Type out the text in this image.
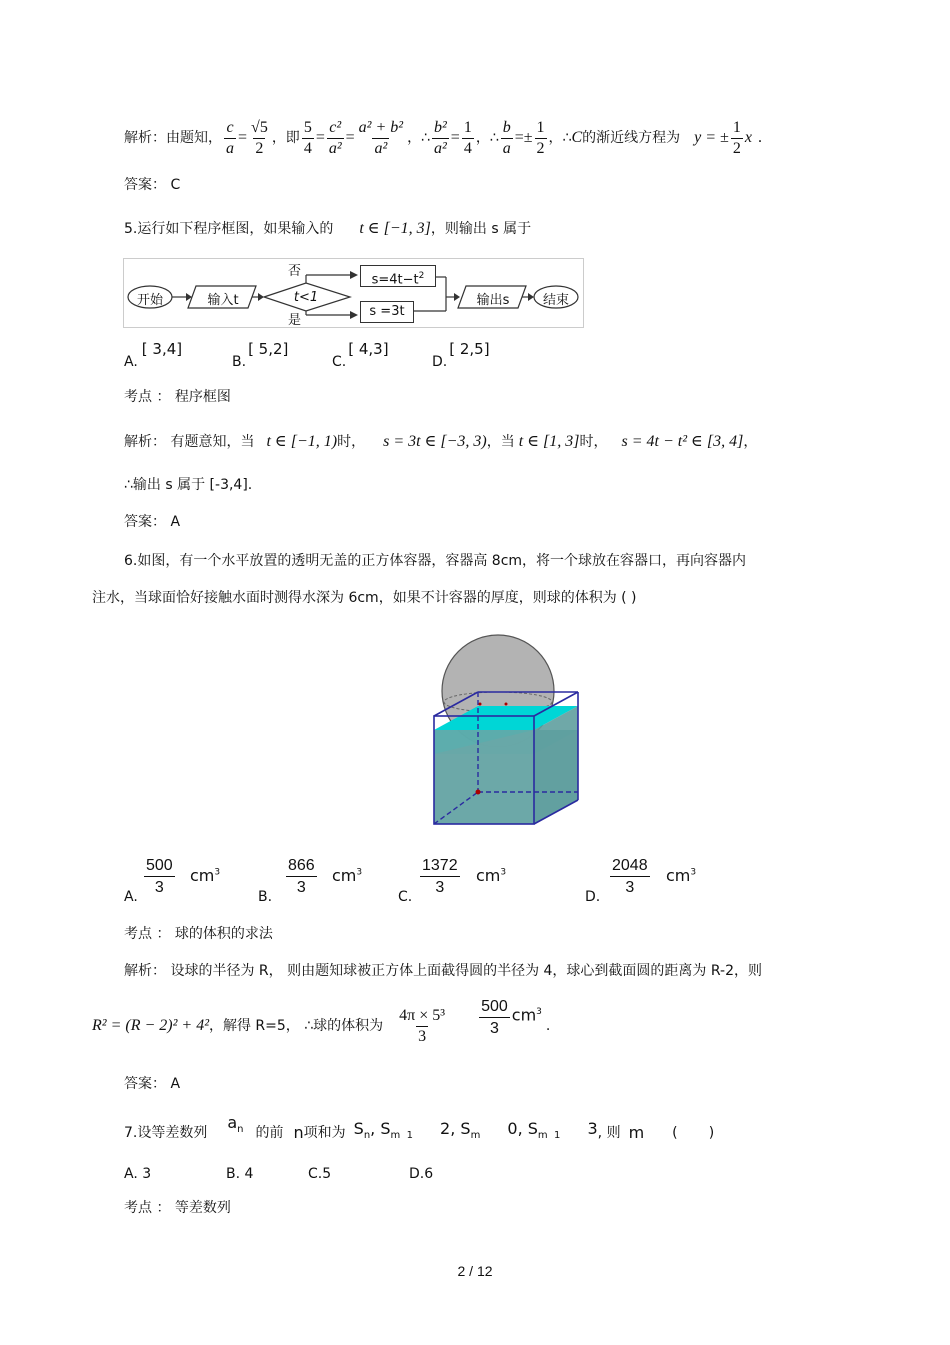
解析：由题知， $\frac{c}{a} = \frac{√5}{2}$ ，即 $\frac{5}{4} = \frac{\text{c²}}{\text{a²}} = \frac{\text{a² + b²}}{\text{a²}}$ ，∴ $\frac{\text{b²}}{\text{a²}} = \frac{1}{4}$ ，∴ $\frac{b}{a} =\pm \frac{1}{2}$ ，∴ C 的渐近线方程为 y = ± $\frac{1}{2}$ x .
答案： C
5.运行如下程序框图，如果输入的 t ∈ [−1, 3] ，则输出 s 属于
开始	输入t	t<1
否
是
$s=4t-t^2$
s =3t
输出s	结束
A.[ 3,4]
B.[ 5,2]
C.[ 4,3]
D.[ 2,5]
考点 ： 程序框图
解析： 有题意知，当 t ∈ [−1, 1) 时， s = 3t ∈ [−3, 3) ，当 t ∈ [1, 3] 时， s = 4t − t² ∈ [3, 4] ，
∴输出 s 属于 [-3,4].
答案： A
6.如图，有一个水平放置的透明无盖的正方体容器，容器高 8cm，将一个球放在容器口，再向容器内
注水，当球面恰好接触水面时测得水深为 6cm，如果不计容器的厚度，则球的体积为 ( )
A. $\frac{500}{3} cm^3$
B. $\frac{866}{3} cm^3$
C. $\frac{1372}{3} cm^3$
D. $\frac{2048}{3} cm^3$
考点 ： 球的体积的求法
解析： 设球的半径为 R， 则由题知球被正方体上面截得圆的半径为 4，球心到截面圆的距离为 R-2，则
R² = (R − 2)² + 4² ，解得 R=5， ∴球的体积为 $\frac{\text{4π × 5³}}{3} \frac{500}{3} cm^3$
.
答案： A
7.设等差数列
$a_n$ 的前 n 项和为 $S_n$, $S_{m 1}$ 2, $S_m$ 0, $S_{m 1}$ 3 , 则 m (       )
A. 3	B. 4	C.5	D.6
考点 ： 等差数列
2 / 12
